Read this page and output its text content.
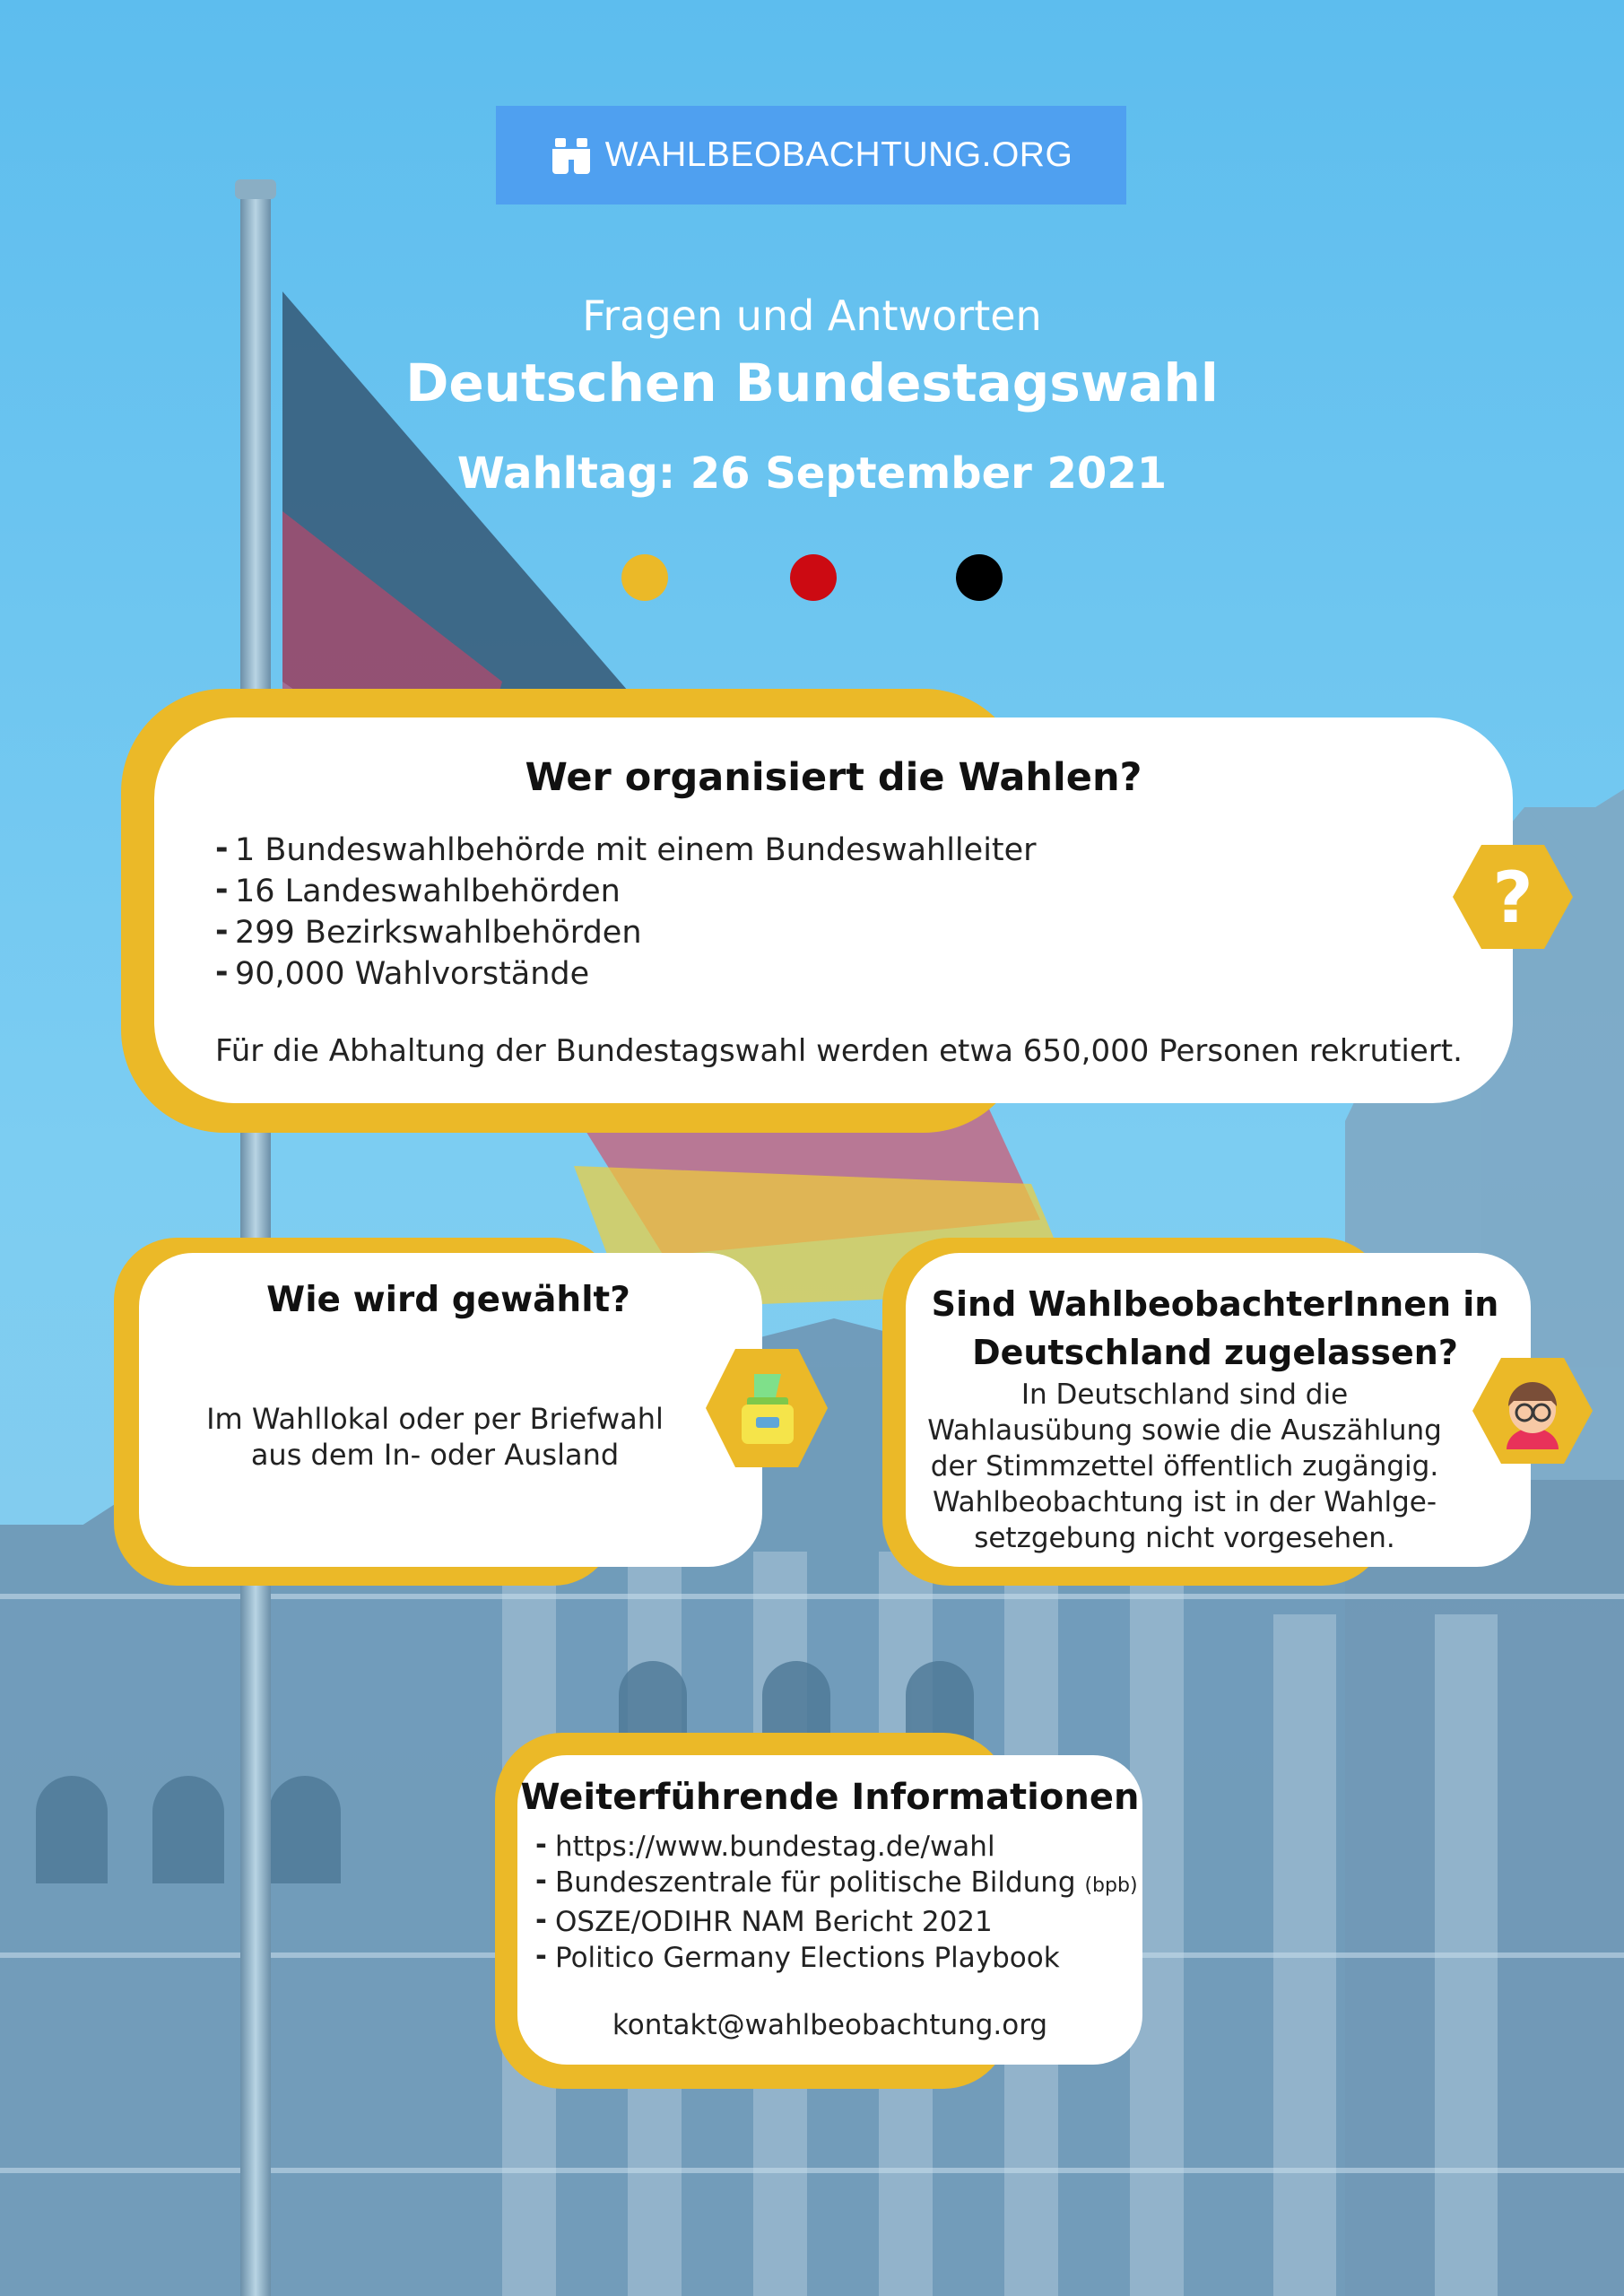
WAHLBEOBACHTUNG.ORG
Fragen und Antworten
Deutschen Bundestagswahl
Wahltag: 26 September 2021
Wer organisiert die Wahlen?
- 1 Bundeswahlbehörde mit einem Bundeswahlleiter
- 16 Landeswahlbehörden
- 299 Bezirkswahlbehörden
- 90,000 Wahlvorstände
Für die Abhaltung der Bundestagswahl werden etwa 650,000 Personen rekrutiert.
?
Wie wird gewählt?
Im Wahllokal oder per Briefwahl
aus dem In- oder Ausland
Sind WahlbeobachterInnen in
Deutschland zugelassen?
In Deutschland sind die
Wahlausübung sowie die Auszählung
der Stimmzettel öffentlich zugängig.
Wahlbeobachtung ist in der Wahlge-
setzgebung nicht vorgesehen.
Weiterführende Informationen
- https://www.bundestag.de/wahl
- Bundeszentrale für politische Bildung (bpb)
- OSZE/ODIHR NAM Bericht 2021
- Politico Germany Elections Playbook
kontakt@wahlbeobachtung.org
